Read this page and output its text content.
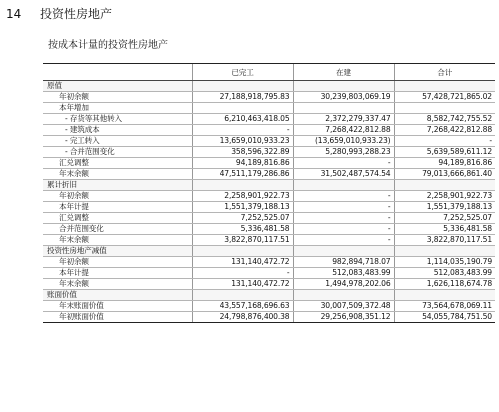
14 投资性房地产
按成本计量的投资性房地产
	已完工	在建	合计
原值			
年初余额	27,188,918,795.83	30,239,803,069.19	57,428,721,865.02
本年增加			
- 存货等其他转入	6,210,463,418.05	2,372,279,337.47	8,582,742,755.52
- 建筑成本	-	7,268,422,812.88	7,268,422,812.88
- 完工转入	13,659,010,933.23	(13,659,010,933.23)	-
- 合并范围变化	358,596,322.89	5,280,993,288.23	5,639,589,611.12
汇兑调整	94,189,816.86	-	94,189,816.86
年末余额	47,511,179,286.86	31,502,487,574.54	79,013,666,861.40
累计折旧			
年初余额	2,258,901,922.73	-	2,258,901,922.73
本年计提	1,551,379,188.13	-	1,551,379,188.13
汇兑调整	7,252,525.07	-	7,252,525.07
合并范围变化	5,336,481.58	-	5,336,481.58
年末余额	3,822,870,117.51	-	3,822,870,117.51
投资性房地产减值			
年初余额	131,140,472.72	982,894,718.07	1,114,035,190.79
本年计提	-	512,083,483.99	512,083,483.99
年末余额	131,140,472.72	1,494,978,202.06	1,626,118,674.78
账面价值			
年末账面价值	43,557,168,696.63	30,007,509,372.48	73,564,678,069.11
年初账面价值	24,798,876,400.38	29,256,908,351.12	54,055,784,751.50
